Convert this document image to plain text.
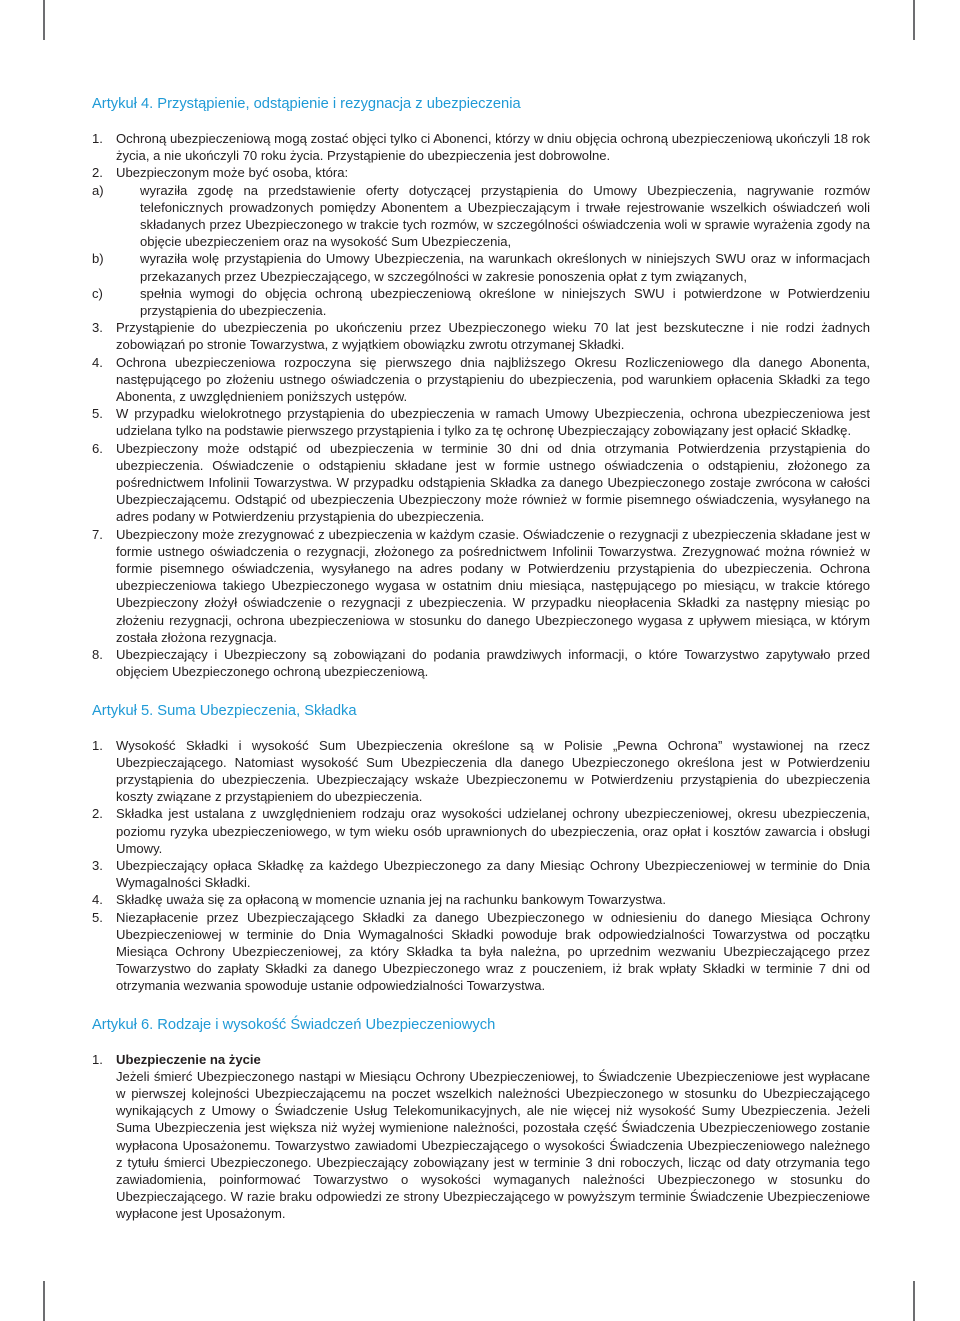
Artykuł 4. Przystąpienie, odstąpienie i rezygnacja z ubezpieczenia
1. Ochroną ubezpieczeniową mogą zostać objęci tylko ci Abonenci, którzy w dniu objęcia ochroną ubezpieczeniową ukończyli 18 rok życia, a nie ukończyli 70 roku życia. Przystąpienie do ubezpieczenia jest dobrowolne.
2. Ubezpieczonym może być osoba, która:
a)	wyraziła zgodę na przedstawienie oferty dotyczącej przystąpienia do Umowy Ubezpieczenia, nagrywanie rozmów telefonicznych prowadzonych pomiędzy Abonentem a Ubezpieczającym i trwałe rejestrowanie wszelkich oświadczeń woli składanych przez Ubezpieczonego w trakcie tych rozmów, w szczególności oświadczenia woli w sprawie wyrażenia zgody na objęcie ubezpieczeniem oraz na wysokość Sum Ubezpieczenia,
b)	wyraziła wolę przystąpienia do Umowy Ubezpieczenia, na warunkach określonych w niniejszych SWU oraz w informacjach przekazanych przez Ubezpieczającego, w szczególności w zakresie ponoszenia opłat z tym związanych,
c)	spełnia wymogi do objęcia ochroną ubezpieczeniową określone w niniejszych SWU i potwierdzone w Potwierdzeniu przystąpienia do ubezpieczenia.
3. Przystąpienie do ubezpieczenia po ukończeniu przez Ubezpieczonego wieku 70 lat jest bezskuteczne i nie rodzi żadnych zobowiązań po stronie Towarzystwa, z wyjątkiem obowiązku zwrotu otrzymanej Składki.
4. Ochrona ubezpieczeniowa rozpoczyna się pierwszego dnia najbliższego Okresu Rozliczeniowego dla danego Abonenta, następującego po złożeniu ustnego oświadczenia o przystąpieniu do ubezpieczenia, pod warunkiem opłacenia Składki za tego Abonenta, z uwzględnieniem poniższych ustępów.
5. W przypadku wielokrotnego przystąpienia do ubezpieczenia w ramach Umowy Ubezpieczenia, ochrona ubezpieczeniowa jest udzielana tylko na podstawie pierwszego przystąpienia i tylko za tę ochronę Ubezpieczający zobowiązany jest opłacić Składkę.
6. Ubezpieczony może odstąpić od ubezpieczenia w terminie 30 dni od dnia otrzymania Potwierdzenia przystąpienia do ubezpieczenia. Oświadczenie o odstąpieniu składane jest w formie ustnego oświadczenia o odstąpieniu, złożonego za pośrednictwem Infolinii Towarzystwa. W przypadku odstąpienia Składka za danego Ubezpieczonego zostaje zwrócona w całości Ubezpieczającemu. Odstąpić od ubezpieczenia Ubezpieczony może również w formie pisemnego oświadczenia, wysyłanego na adres podany w Potwierdzeniu przystąpienia do ubezpieczenia.
7. Ubezpieczony może zrezygnować z ubezpieczenia w każdym czasie. Oświadczenie o rezygnacji z ubezpieczenia składane jest w formie ustnego oświadczenia o rezygnacji, złożonego za pośrednictwem Infolinii Towarzystwa. Zrezygnować można również w formie pisemnego oświadczenia, wysyłanego na adres podany w Potwierdzeniu przystąpienia do ubezpieczenia. Ochrona ubezpieczeniowa takiego Ubezpieczonego wygasa w ostatnim dniu miesiąca, następującego po miesiącu, w trakcie którego Ubezpieczony złożył oświadczenie o rezygnacji z ubezpieczenia. W przypadku nieopłacenia Składki za następny miesiąc po złożeniu rezygnacji, ochrona ubezpieczeniowa w stosunku do danego Ubezpieczonego wygasa z upływem miesiąca, w którym została złożona rezygnacja.
8. Ubezpieczający i Ubezpieczony są zobowiązani do podania prawdziwych informacji, o które Towarzystwo zapytywało przed objęciem Ubezpieczonego ochroną ubezpieczeniową.
Artykuł 5. Suma Ubezpieczenia, Składka
1. Wysokość Składki i wysokość Sum Ubezpieczenia określone są w Polisie „Pewna Ochrona” wystawionej na rzecz Ubezpieczającego. Natomiast wysokość Sum Ubezpieczenia dla danego Ubezpieczonego określona jest w Potwierdzeniu przystąpienia do ubezpieczenia. Ubezpieczający wskaże Ubezpieczonemu w Potwierdzeniu przystąpienia do ubezpieczenia koszty związane z przystąpieniem do ubezpieczenia.
2. Składka jest ustalana z uwzględnieniem rodzaju oraz wysokości udzielanej ochrony ubezpieczeniowej, okresu ubezpieczenia, poziomu ryzyka ubezpieczeniowego, w tym wieku osób uprawnionych do ubezpieczenia, oraz opłat i kosztów zawarcia i obsługi Umowy.
3. Ubezpieczający opłaca Składkę za każdego Ubezpieczonego za dany Miesiąc Ochrony Ubezpieczeniowej w terminie do Dnia Wymagalności Składki.
4. Składkę uważa się za opłaconą w momencie uznania jej na rachunku bankowym Towarzystwa.
5. Niezapłacenie przez Ubezpieczającego Składki za danego Ubezpieczonego w odniesieniu do danego Miesiąca Ochrony Ubezpieczeniowej w terminie do Dnia Wymagalności Składki powoduje brak odpowiedzialności Towarzystwa od początku Miesiąca Ochrony Ubezpieczeniowej, za który Składka ta była należna, po uprzednim wezwaniu Ubezpieczającego przez Towarzystwo do zapłaty Składki za danego Ubezpieczonego wraz z pouczeniem, iż brak wpłaty Składki w terminie 7 dni od otrzymania wezwania spowoduje ustanie odpowiedzialności Towarzystwa.
Artykuł 6. Rodzaje i wysokość Świadczeń Ubezpieczeniowych
1. Ubezpieczenie na życie
Jeżeli śmierć Ubezpieczonego nastąpi w Miesiącu Ochrony Ubezpieczeniowej, to Świadczenie Ubezpieczeniowe jest wypłacane w pierwszej kolejności Ubezpieczającemu na poczet wszelkich należności Ubezpieczonego w stosunku do Ubezpieczającego wynikających z Umowy o Świadczenie Usług Telekomunikacyjnych, ale nie więcej niż wysokość Sumy Ubezpieczenia. Jeżeli Suma Ubezpieczenia jest większa niż wyżej wymienione należności, pozostała część Świadczenia Ubezpieczeniowego zostanie wypłacona Uposażonemu. Towarzystwo zawiadomi Ubezpieczającego o wysokości Świadczenia Ubezpieczeniowego należnego z tytułu śmierci Ubezpieczonego. Ubezpieczający zobowiązany jest w terminie 3 dni roboczych, licząc od daty otrzymania tego zawiadomienia, poinformować Towarzystwo o wysokości wymaganych należności Ubezpieczonego w stosunku do Ubezpieczającego. W razie braku odpowiedzi ze strony Ubezpieczającego w powyższym terminie Świadczenie Ubezpieczeniowe wypłacone jest Uposażonym.
